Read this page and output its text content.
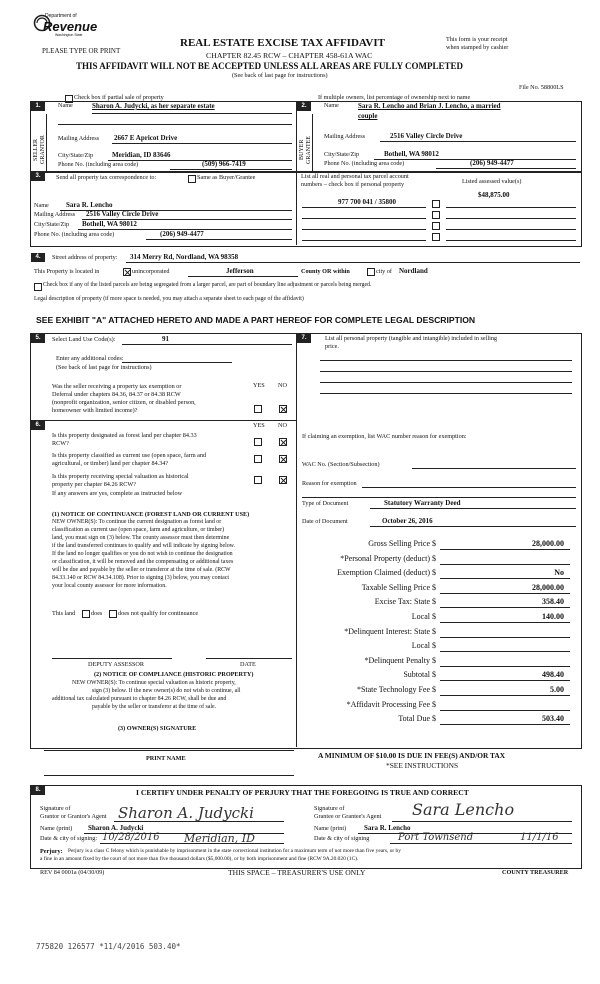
Department of
Revenue
Washington State
PLEASE TYPE OR PRINT
REAL ESTATE EXCISE TAX AFFIDAVIT
CHAPTER 82.45 RCW – CHAPTER 458-61A WAC
THIS AFFIDAVIT WILL NOT BE ACCEPTED UNLESS ALL AREAS ARE FULLY COMPLETED
(See back of last page for instructions)
This form is your receipt
when stamped by cashier
File No. 58800LS
Check box if partial sale of property	If multiple owners, list percentage of ownership next to name
1.
SELLER GRANTOR
Name	Sharon A. Judycki, as her separate estate
Mailing Address 2667 E Apricot Drive
City/State/Zip	Meridian, ID 83646
Phone No. (including area code)	(509) 966-7419
2.
BUYER GRANTEE
Name	Sara R. Lencho and Brian J. Lencho, a married
couple
Mailing Address	2516 Valley Circle Drive
City/State/Zip	Bothell, WA 98012
Phone No. (including area code)	(206) 949-4477
3.	Send all property tax correspondence to:	Same as Buyer/Grantee
Name Sara R. Lencho
Mailing Address 2516 Valley Circle Drive
City/State/Zip Bothell, WA 98012
Phone No. (including area code)	(206) 949-4477
List all real and personal tax parcel account
numbers – check box if personal property	Listed assessed value(s)
$48,875.00
977 700 041 / 35800
4.	Street address of property: 314 Merry Rd, Nordland, WA 98358
This Property is located in	unincorporated	Jefferson	County OR within	city of Nordland
Check box if any of the listed parcels are being segregated from a larger parcel, are part of boundary line adjustment or parcels being merged.
Legal description of property (if more space is needed, you may attach a separate sheet to each page of the affidavit)
SEE EXHIBIT "A" ATTACHED HERETO AND MADE A PART HEREOF FOR COMPLETE LEGAL DESCRIPTION
5.	Select Land Use Code(s):	91
Enter any additional codes:
(See back of last page for instructions)
YES NO
Was the seller receiving a property tax exemption or
Deferral under chapters 84.36, 84.37 or 84.38 RCW
(nonprofit organization, senior citizen, or disabled person,
homeowner with limited income)?
6.	YES NO
Is this property designated as forest land per chapter 84.33
RCW?
Is this property classified as current use (open space, farm and
agricultural, or timber) land per chapter 84.34?
Is this property receiving special valuation as historical
property per chapter 84.26 RCW?
If any answers are yes, complete as instructed below
(1) NOTICE OF CONTINUANCE (FOREST LAND OR CURRENT USE)
NEW OWNER(S): To continue the current designation as forest land or
classification as current use (open space, farm and agriculture, or timber)
land, you must sign on (3) below. The county assessor must then determine
if the land transferred continues to qualify and will indicate by signing below.
If the land no longer qualifies or you do not wish to continue the designation
or classification, it will be removed and the compensating or additional taxes
will be due and payable by the seller or transferor at the time of sale. (RCW
84.33.140 or RCW 84.34.108). Prior to signing (3) below, you may contact
your local county assessor for more information.
This land	does	does not qualify for continuance
DEPUTY ASSESSOR	DATE
(2) NOTICE OF COMPLIANCE (HISTORIC PROPERTY)
NEW OWNER(S): To continue special valuation as historic property,
sign (3) below. If the new owner(s) do not wish to continue, all
additional tax calculated pursuant to chapter 84.26 RCW, shall be due and
payable by the seller or transferor at the time of sale.
(3) OWNER(S) SIGNATURE
PRINT NAME
7.	List all personal property (tangible and intangible) included in selling
price.
If claiming an exemption, list WAC number reason for exemption:
WAC No. (Section/Subsection)
Reason for exemption
Type of Document	Statutory Warranty Deed
Date of Document	October 26, 2016
Gross Selling Price $	28,000.00
*Personal Property (deduct) $
Exemption Claimed (deduct) $	No
Taxable Selling Price $	28,000.00
Excise Tax: State $	358.40
Local $	140.00
*Delinquent Interest: State $
Local $
*Delinquent Penalty $
Subtotal $	498.40
*State Technology Fee $	5.00
*Affidavit Processing Fee $
Total Due $	503.40
A MINIMUM OF $10.00 IS DUE IN FEE(S) AND/OR TAX
*SEE INSTRUCTIONS
8.	I CERTIFY UNDER PENALTY OF PERJURY THAT THE FOREGOING IS TRUE AND CORRECT
Signature of
Grantor or Grantor's Agent Sharon A. Judycki
Name (print) Sharon A. Judycki
Date & city of signing: 10/28/2016 Meridian, ID
Signature of
Grantee or Grantee's Agent Sara Lencho
Name (print)	Sara R. Lencho
Date & city of signing	Port Townsend	11/1/16
Perjury: Perjury is a class C felony which is punishable by imprisonment in the state correctional institution for a maximum term of not more than five years, or by
a fine in an amount fixed by the court of not more than five thousand dollars ($5,000.00), or by both imprisonment and fine (RCW 9A.20.020 (1C).
REV 84 0001a (04/30/09)	THIS SPACE – TREASURER'S USE ONLY	COUNTY TREASURER
775820 126577 *11/4/2016 503.40*
